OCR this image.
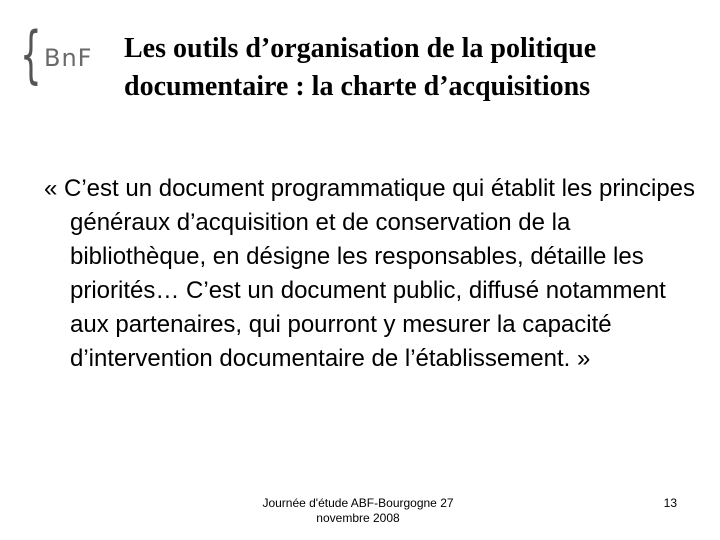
{ BnF Les outils d’organisation de la politique documentaire : la charte d’acquisitions

« C’est un document programmatique qui établit les principes généraux d’acquisition et de conservation de la bibliothèque, en désigne les responsables, détaille les priorités… C’est un document public, diffusé notamment aux partenaires, qui pourront y mesurer la capacité d’intervention documentaire de l’établissement. »

Journée d'étude ABF-Bourgogne 27
novembre 2008
13
